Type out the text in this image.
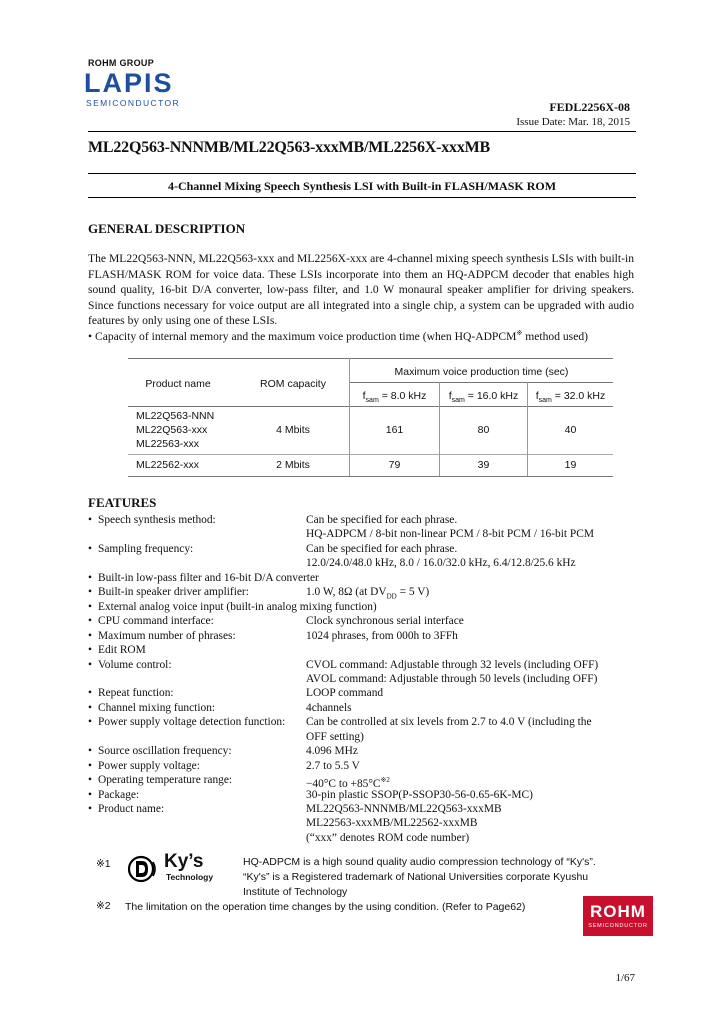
ROHM GROUP
LAPIS
SEMICONDUCTOR	FEDL2256X-08
Issue Date: Mar. 18, 2015
ML22Q563-NNNMB/ML22Q563-xxxMB/ML2256X-xxxMB
4-Channel Mixing Speech Synthesis LSI with Built-in FLASH/MASK ROM
GENERAL DESCRIPTION
The ML22Q563-NNN, ML22Q563-xxx and ML2256X-xxx are 4-channel mixing speech synthesis LSIs with built-in FLASH/MASK ROM for voice data. These LSIs incorporate into them an HQ-ADPCM decoder that enables high sound quality, 16-bit D/A converter, low-pass filter, and 1.0 W monaural speaker amplifier for driving speakers. Since functions necessary for voice output are all integrated into a single chip, a system can be upgraded with audio features by only using one of these LSIs.
• Capacity of internal memory and the maximum voice production time (when HQ-ADPCM※ method used)
Product name	ROM capacity
Maximum voice production time (sec)
$f_{sam} = 8.0$ kHz	$f_{sam} = 16.0$ kHz	$f_{sam} = 32.0$ kHz
ML22Q563-NNN
ML22Q563-xxx
ML22563-xxx
4 Mbits	161	80	40
ML22562-xxx	2 Mbits	79	39	19
FEATURES
• Speech synthesis method:	Can be specified for each phrase.
HQ-ADPCM / 8-bit non-linear PCM / 8-bit PCM / 16-bit PCM
• Sampling frequency:	Can be specified for each phrase.
12.0/24.0/48.0 kHz, 8.0 / 16.0/32.0 kHz, 6.4/12.8/25.6 kHz
• Built-in low-pass filter and 16-bit D/A converter
• Built-in speaker driver amplifier:	1.0 W, 8Ω (at $DV_{DD} = 5$ V)
• External analog voice input (built-in analog mixing function)
• CPU command interface:	Clock synchronous serial interface
• Maximum number of phrases:	1024 phrases, from 000h to 3FFh
• Edit ROM
• Volume control:	CVOL command: Adjustable through 32 levels (including OFF)
AVOL command: Adjustable through 50 levels (including OFF)
• Repeat function:	LOOP command
• Channel mixing function:	4channels
• Power supply voltage detection function: Can be controlled at six levels from 2.7 to 4.0 V (including the
OFF setting)
• Source oscillation frequency:	4.096 MHz
• Power supply voltage:	2.7 to 5.5 V
• Operating temperature range:	−40°C to $+85^\circ C^{※2}$
• Package:	30-pin plastic SSOP(P-SSOP30-56-0.65-6K-MC)
• Product name:	ML22Q563-NNNMB/ML22Q563-xxxMB
ML22563-xxxMB/ML22562-xxxMB
(“xxx” denotes ROM code number)
※1	Ky’s
Technology
HQ-ADPCM is a high sound quality audio compression technology of “Ky's”.
“Ky's” is a Registered trademark of National Universities corporate Kyushu
Institute of Technology
※2 The limitation on the operation time changes by the using condition. (Refer to Page62)	ROHM
SEMICONDUCTOR
1/67
